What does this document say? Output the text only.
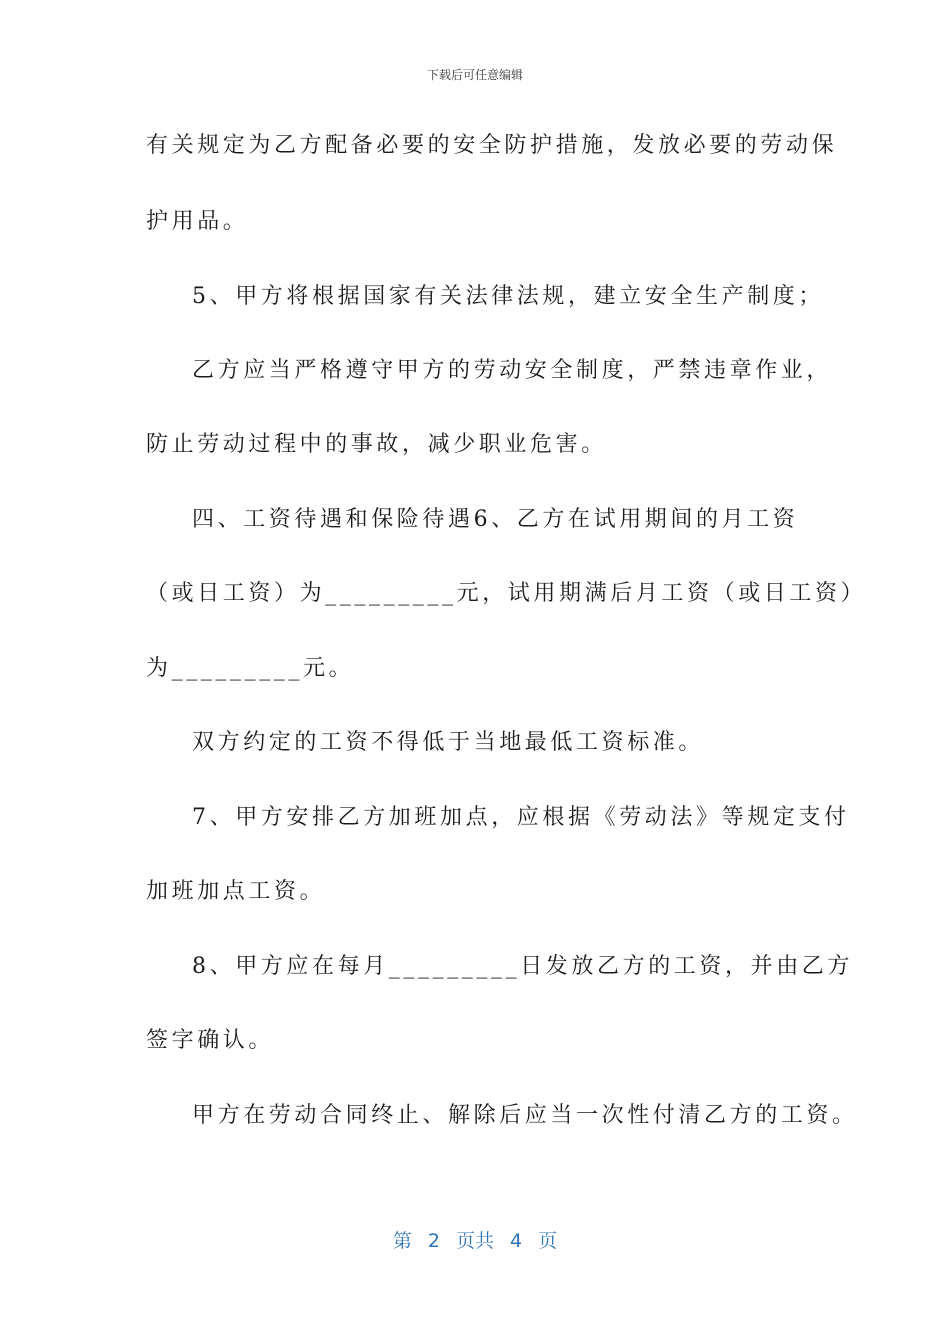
下载后可任意编辑
有关规定为乙方配备必要的安全防护措施，发放必要的劳动保
护用品。
5、甲方将根据国家有关法律法规，建立安全生产制度；
乙方应当严格遵守甲方的劳动安全制度，严禁违章作业，
防止劳动过程中的事故，减少职业危害。
四、工资待遇和保险待遇6、乙方在试用期间的月工资
（或日工资）为_________元，试用期满后月工资（或日工资）
为_________元。
双方约定的工资不得低于当地最低工资标准。
7、甲方安排乙方加班加点，应根据《劳动法》等规定支付
加班加点工资。
8、甲方应在每月_________日发放乙方的工资，并由乙方
签字确认。
甲方在劳动合同终止、解除后应当一次性付清乙方的工资。
第 2 页共 4 页
